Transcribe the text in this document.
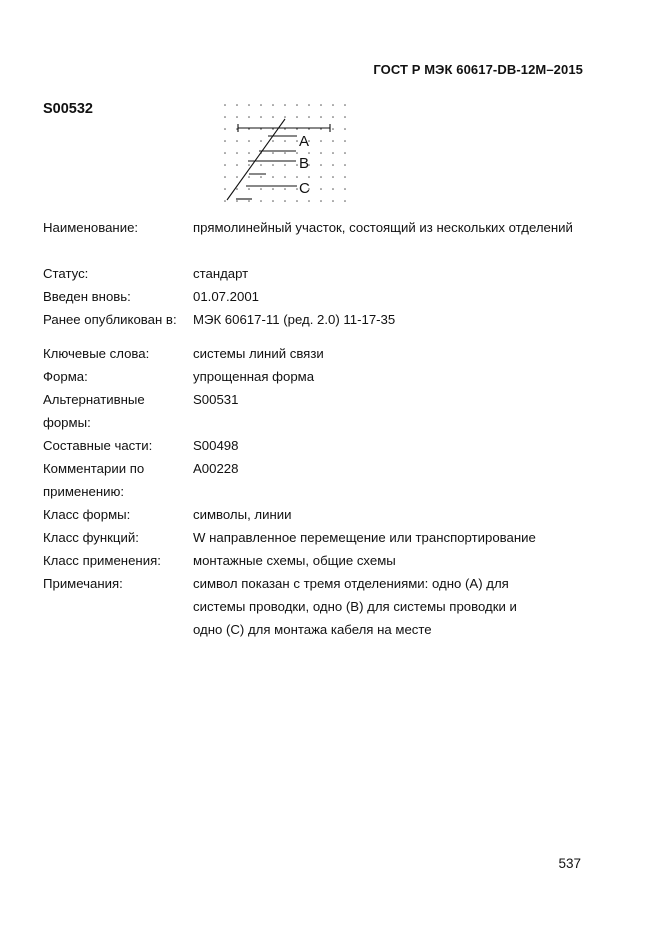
ГОСТ Р МЭК 60617-DB-12M–2015
S00532
A
B
C
Наименование:	прямолинейный участок, состоящий из нескольких отделений
Статус:	стандарт
Введен вновь:	01.07.2001
Ранее опубликован в:	МЭК 60617-11 (ред. 2.0) 11-17-35
Ключевые слова:	системы линий связи
Форма:	упрощенная форма
Альтернативные формы:
S00531
Составные части:	S00498
Комментарии по применению:
A00228
Класс формы:	символы, линии
Класс функций:	W направленное перемещение или транспортирование
Класс применения:	монтажные схемы, общие схемы
Примечания:	символ показан с тремя отделениями: одно (A) для системы проводки, одно (B) для системы проводки и одно (C) для монтажа кабеля на месте
537
